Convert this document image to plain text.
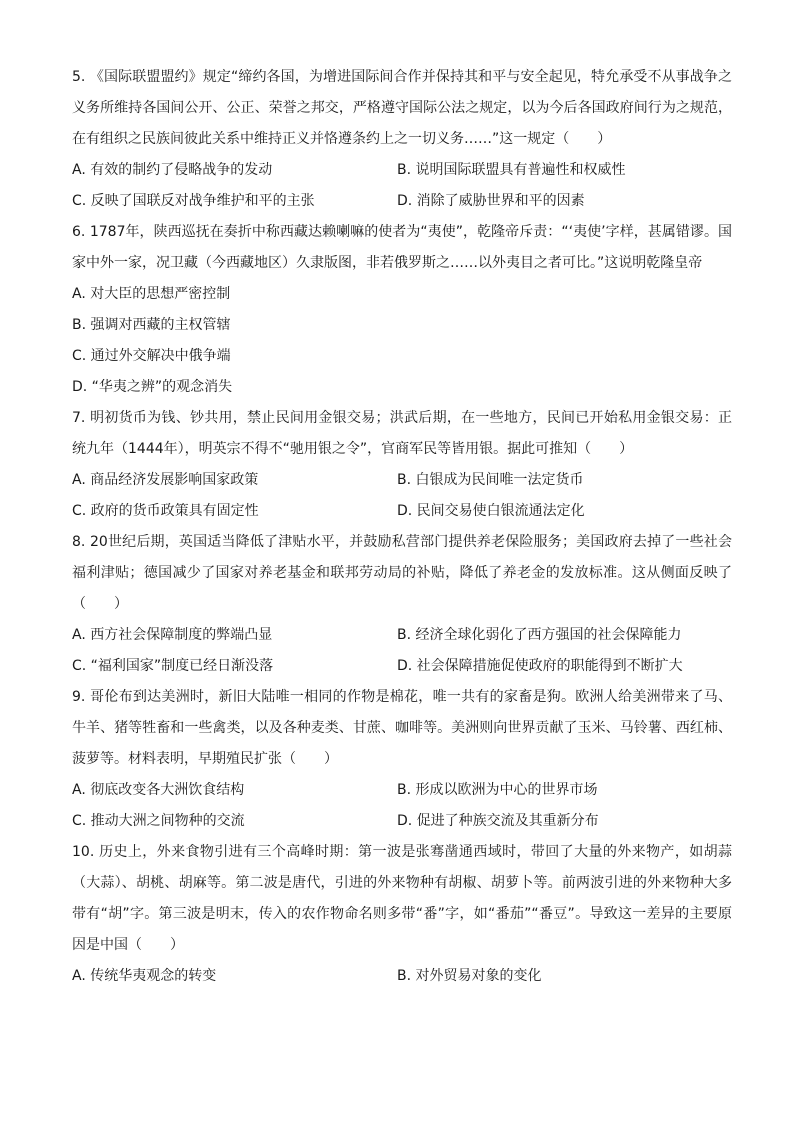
5. 《国际联盟盟约》规定“缔约各国，为增进国际间合作并保持其和平与安全起见，特允承受不从事战争之义务所维持各国间公开、公正、荣誉之邦交，严格遵守国际公法之规定，以为今后各国政府间行为之规范，在有组织之民族间彼此关系中维持正义并恪遵条约上之一切义务……”这一规定（　　）

A. 有效的制约了侵略战争的发动	B. 说明国际联盟具有普遍性和权威性
C. 反映了国联反对战争维护和平的主张	D. 消除了威胁世界和平的因素

6. 1787年，陕西巡抚在奏折中称西藏达赖喇嘛的使者为“夷使”，乾隆帝斥责：“‘夷使’字样，甚属错谬。国家中外一家，况卫藏（今西藏地区）久隶版图，非若俄罗斯之……以外夷目之者可比。”这说明乾隆皇帝

A. 对大臣的思想严密控制
B. 强调对西藏的主权管辖
C. 通过外交解决中俄争端
D. “华夷之辨”的观念消失

7. 明初货币为钱、钞共用，禁止民间用金银交易；洪武后期，在一些地方，民间已开始私用金银交易：正统九年（1444年），明英宗不得不“驰用银之令”，官商军民等皆用银。据此可推知（　　）

A. 商品经济发展影响国家政策	B. 白银成为民间唯一法定货币
C. 政府的货币政策具有固定性	D. 民间交易使白银流通法定化

8. 20世纪后期，英国适当降低了津贴水平，并鼓励私营部门提供养老保险服务；美国政府去掉了一些社会福利津贴；德国减少了国家对养老基金和联邦劳动局的补贴，降低了养老金的发放标准。这从侧面反映了（　　）

A. 西方社会保障制度的弊端凸显	B. 经济全球化弱化了西方强国的社会保障能力
C. “福利国家”制度已经日渐没落	D. 社会保障措施促使政府的职能得到不断扩大

9. 哥伦布到达美洲时，新旧大陆唯一相同的作物是棉花，唯一共有的家畜是狗。欧洲人给美洲带来了马、牛羊、猪等牲畜和一些禽类，以及各种麦类、甘蔗、咖啡等。美洲则向世界贡献了玉米、马铃薯、西红柿、菠萝等。材料表明，早期殖民扩张（　　）

A. 彻底改变各大洲饮食结构	B. 形成以欧洲为中心的世界市场
C. 推动大洲之间物种的交流	D. 促进了种族交流及其重新分布

10. 历史上，外来食物引进有三个高峰时期：第一波是张骞凿通西域时，带回了大量的外来物产，如胡蒜（大蒜）、胡桃、胡麻等。第二波是唐代，引进的外来物种有胡椒、胡萝卜等。前两波引进的外来物种大多带有“胡”字。第三波是明末，传入的农作物命名则多带“番”字，如“番茄”“番豆”。导致这一差异的主要原因是中国（　　）

A. 传统华夷观念的转变	B. 对外贸易对象的变化
